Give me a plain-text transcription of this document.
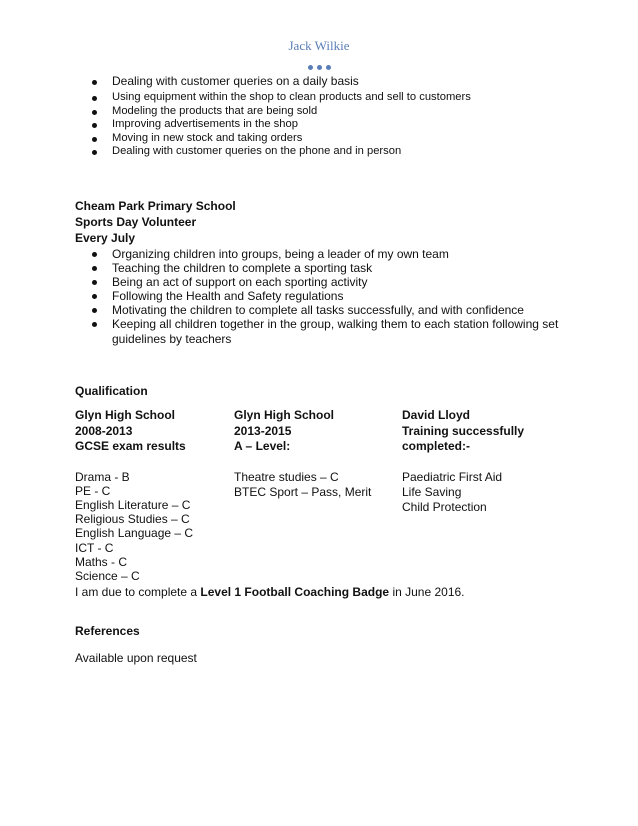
Jack Wilkie
Dealing with customer queries on a daily basis
Using equipment within the shop to clean products and sell to customers
Modeling the products that are being sold
Improving advertisements in the shop
Moving in new stock and taking orders
Dealing with customer queries on the phone and in person
Cheam Park Primary School
Sports Day Volunteer
Every July
Organizing children into groups, being a leader of my own team
Teaching the children to complete a sporting task
Being an act of support on each sporting activity
Following the Health and Safety regulations
Motivating the children to complete all tasks successfully, and with confidence
Keeping all children together in the group, walking them to each station following set guidelines by teachers
Qualification
Glyn High School
2008-2013
GCSE exam results
Drama - B
PE - C
English Literature – C
Religious Studies – C
English Language – C
ICT - C
Maths - C
Science – C
Glyn High School
2013-2015
A – Level:
Theatre studies – C
BTEC Sport – Pass, Merit
David Lloyd
Training successfully
completed:-
Paediatric First Aid
Life Saving
Child Protection
I am due to complete a Level 1 Football Coaching Badge in June 2016.
References
Available upon request
